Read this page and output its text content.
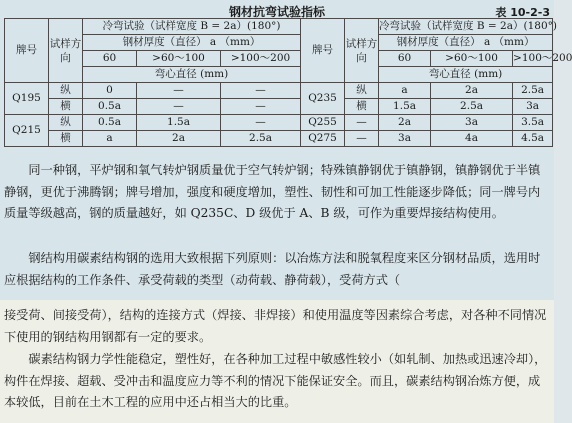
钢材抗弯试验指标	表 10-2-3
牌号	试样方向	冷弯试验（试样宽度 B = 2a）(180°)			牌号	试样方向	冷弯试验（试样宽度 B = 2a）(180°)		
		钢材厚度（直径） a （mm）					钢材厚度（直径） a （mm）		
		60	>60～100	>100～200			60	>60～100	>100～200
		弯心直径 (mm)					弯心直径 (mm)		
Q195	纵	0	—	—	Q235	纵	a	2a	2.5a
	横	0.5a	—	—		横	1.5a	2.5a	3a
Q215	纵	0.5a	1.5a	—	Q255	—	2a	3a	3.5a
	横	a	2a	2.5a	Q275	—	3a	4a	4.5a

同一种钢，平炉钢和氧气转炉钢质量优于空气转炉钢；特殊镇静钢优于镇静钢，镇静钢优于半镇静钢，更优于沸腾钢；牌号增加，强度和硬度增加，塑性、韧性和可加工性能逐步降低；同一牌号内质量等级越高，钢的质量越好，如 Q235C、D 级优于 A、B 级，可作为重要焊接结构使用。

钢结构用碳素结构钢的选用大致根据下列原则：以冶炼方法和脱氧程度来区分钢材品质，选用时应根据结构的工作条件、承受荷载的类型（动荷载、静荷载），受荷方式（

接受荷、间接受荷），结构的连接方式（焊接、非焊接）和使用温度等因素综合考虑，对各种不同情况下使用的钢结构用钢都有一定的要求。

碳素结构钢力学性能稳定，塑性好，在各种加工过程中敏感性较小（如轧制、加热或迅速冷却），构件在焊接、超载、受冲击和温度应力等不利的情况下能保证安全。而且，碳素结构钢冶炼方便，成本较低，目前在土木工程的应用中还占相当大的比重。
